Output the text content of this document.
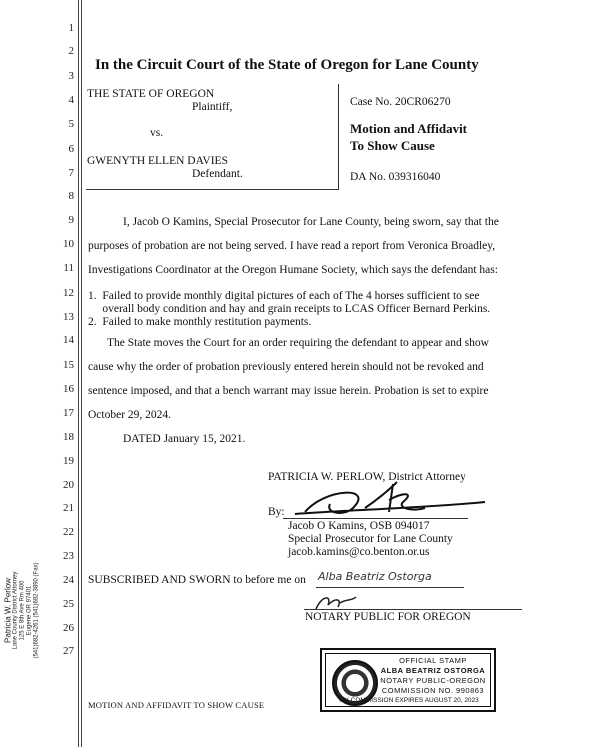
1
2
3
4
5
6
7
8
9
10
11
12
13
14
15
16
17
18
19
20
21
22
23
24
25
26
27
Patricia W. Perlow Lane County District Attorney 125 E 8th Ave Rm 400 Eugene OR 97401 (541)682-4261 (541)682-3890 (Fax)
In the Circuit Court of the State of Oregon for Lane County
THE STATE OF OREGON
Plaintiff,
vs.
GWENYTH ELLEN DAVIES
Defendant.
Case No. 20CR06270
Motion and Affidavit
To Show Cause
DA No. 039316040
I, Jacob O Kamins, Special Prosecutor for Lane County, being sworn, say that the
purposes of probation are not being served. I have read a report from Veronica Broadley,
Investigations Coordinator at the Oregon Humane Society, which says the defendant has:
1.  Failed to provide monthly digital pictures of each of The 4 horses sufficient to see
overall body condition and hay and grain receipts to LCAS Officer Bernard Perkins.
2.  Failed to make monthly restitution payments.
The State moves the Court for an order requiring the defendant to appear and show
cause why the order of probation previously entered herein should not be revoked and
sentence imposed, and that a bench warrant may issue herein. Probation is set to expire
October 29, 2024.
DATED January 15, 2021.
PATRICIA W. PERLOW, District Attorney
By:
Jacob O Kamins, OSB 094017
Special Prosecutor for Lane County
jacob.kamins@co.benton.or.us
SUBSCRIBED AND SWORN to before me on Alba Beatriz Ostorga
NOTARY PUBLIC FOR OREGON
OFFICIAL STAMP
ALBA BEATRIZ OSTORGA
NOTARY PUBLIC-OREGON
COMMISSION NO. 990863
MY COMMISSION EXPIRES AUGUST 20, 2023
MOTION AND AFFIDAVIT TO SHOW CAUSE
